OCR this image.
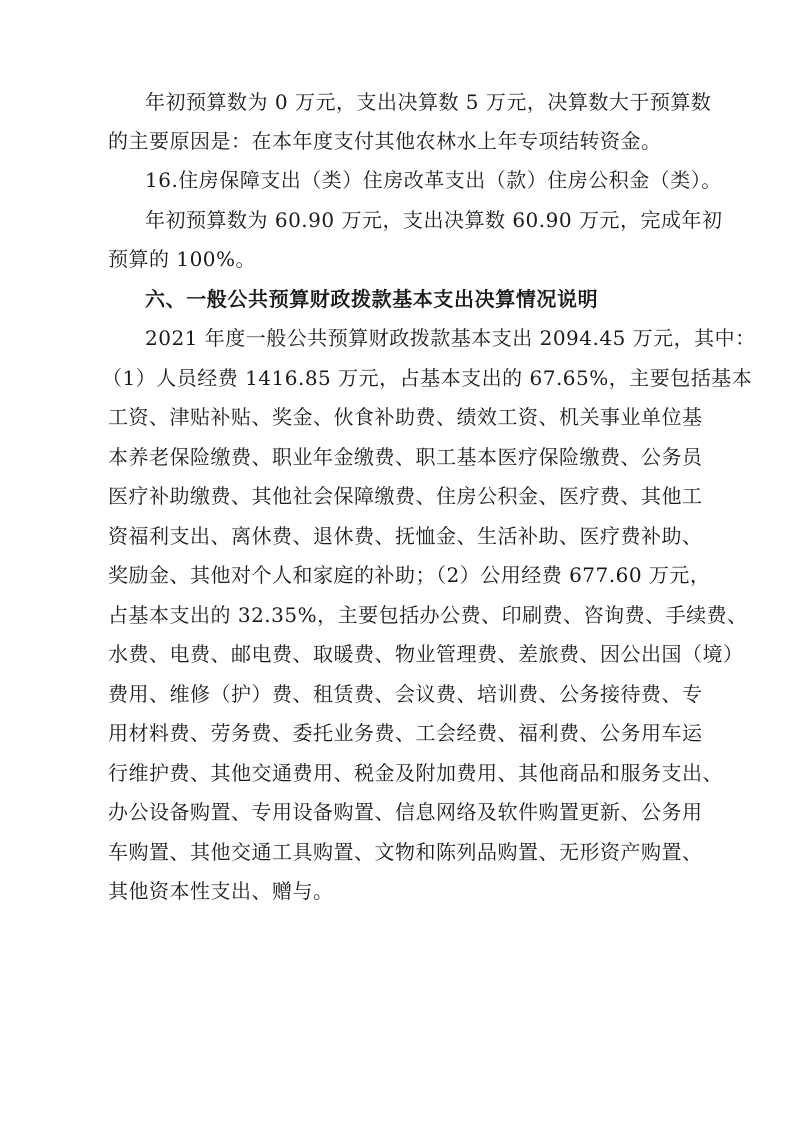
年初预算数为 0 万元，支出决算数 5 万元，决算数大于预算数
的主要原因是：在本年度支付其他农林水上年专项结转资金。
16.住房保障支出（类）住房改革支出（款）住房公积金（类）。
年初预算数为 60.90 万元，支出决算数 60.90 万元，完成年初
预算的 100%。
六、一般公共预算财政拨款基本支出决算情况说明
2021 年度一般公共预算财政拨款基本支出 2094.45 万元，其中：
（1）人员经费 1416.85 万元，占基本支出的 67.65%，主要包括基本
工资、津贴补贴、奖金、伙食补助费、绩效工资、机关事业单位基
本养老保险缴费、职业年金缴费、职工基本医疗保险缴费、公务员
医疗补助缴费、其他社会保障缴费、住房公积金、医疗费、其他工
资福利支出、离休费、退休费、抚恤金、生活补助、医疗费补助、
奖励金、其他对个人和家庭的补助；（2）公用经费 677.60 万元，
占基本支出的 32.35%，主要包括办公费、印刷费、咨询费、手续费、
水费、电费、邮电费、取暖费、物业管理费、差旅费、因公出国（境）
费用、维修（护）费、租赁费、会议费、培训费、公务接待费、专
用材料费、劳务费、委托业务费、工会经费、福利费、公务用车运
行维护费、其他交通费用、税金及附加费用、其他商品和服务支出、
办公设备购置、专用设备购置、信息网络及软件购置更新、公务用
车购置、其他交通工具购置、文物和陈列品购置、无形资产购置、
其他资本性支出、赠与。
